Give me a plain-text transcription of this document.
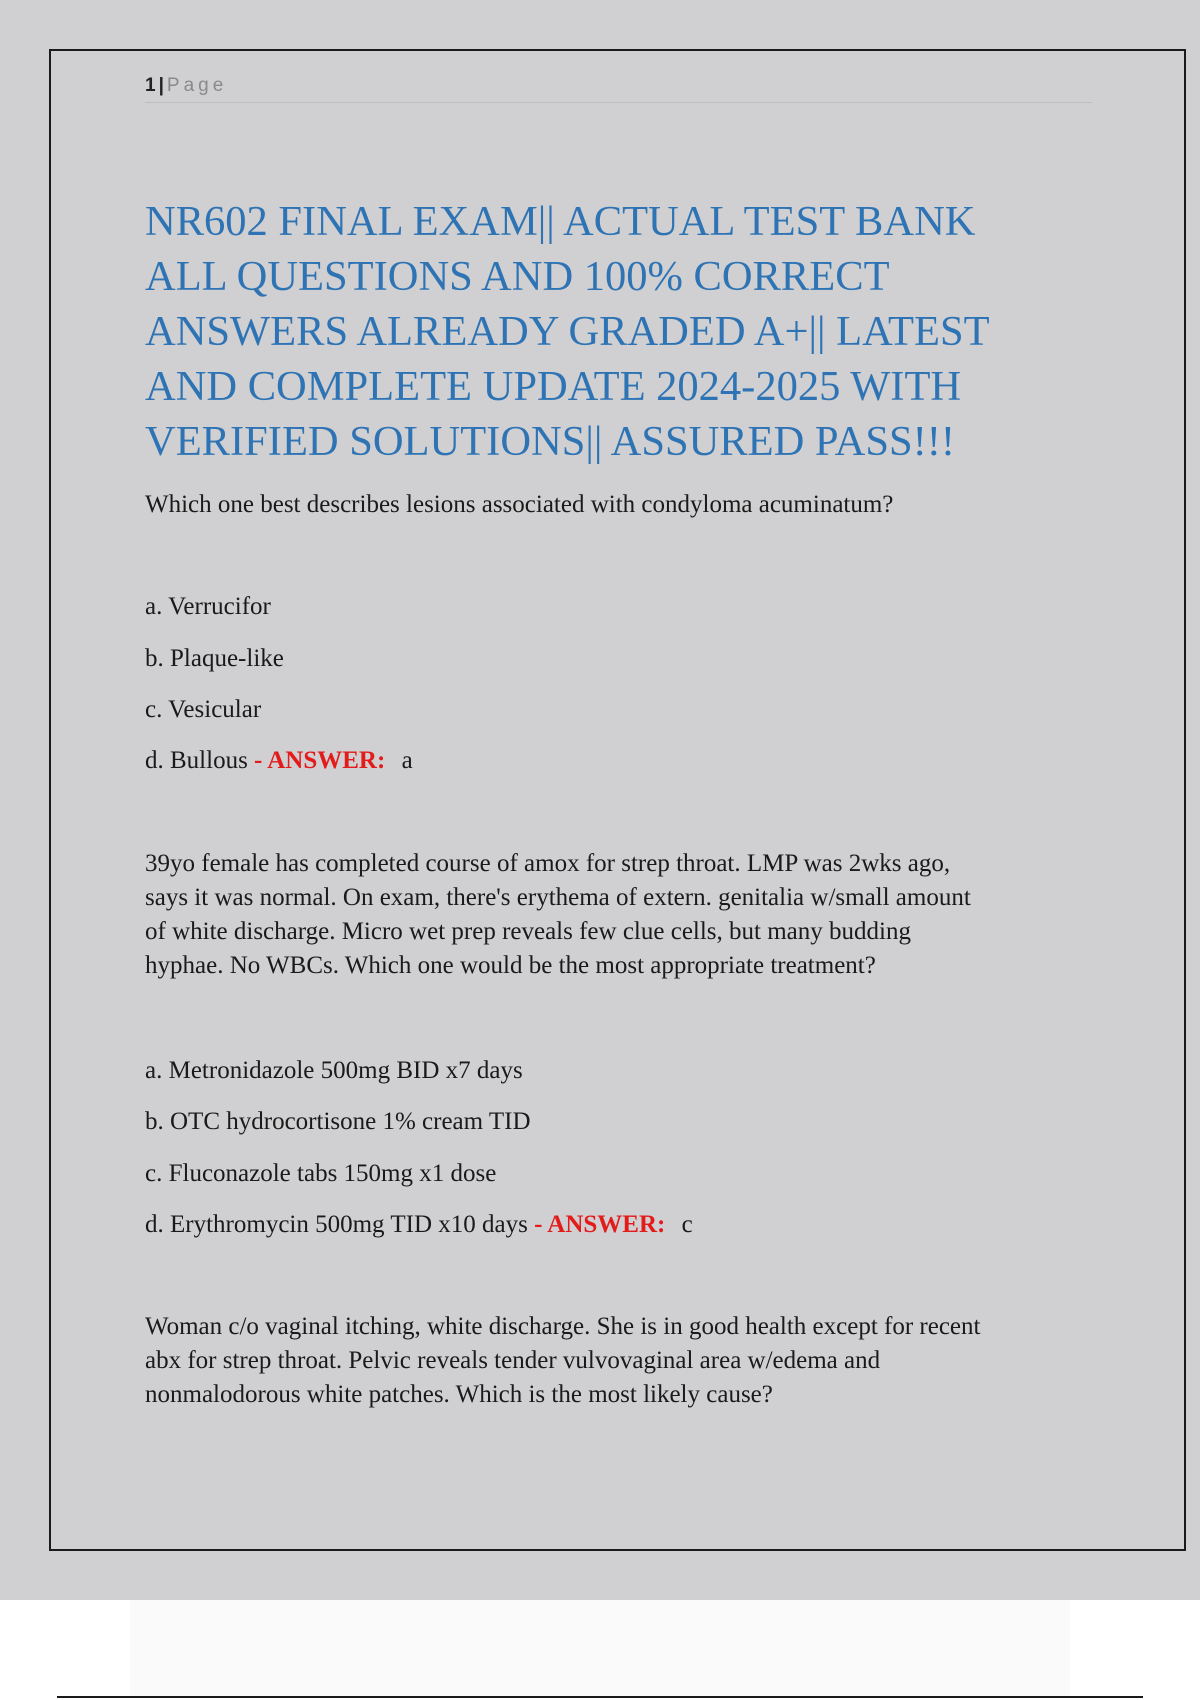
1 | Page
NR602 FINAL EXAM|| ACTUAL TEST BANK
ALL QUESTIONS AND 100% CORRECT
ANSWERS ALREADY GRADED A+|| LATEST
AND COMPLETE UPDATE 2024-2025 WITH
VERIFIED SOLUTIONS|| ASSURED PASS!!!
Which one best describes lesions associated with condyloma acuminatum?
a. Verrucifor
b. Plaque-like
c. Vesicular
d. Bullous - ANSWER: a
39yo female has completed course of amox for strep throat. LMP was 2wks ago,
says it was normal. On exam, there's erythema of extern. genitalia w/small amount
of white discharge. Micro wet prep reveals few clue cells, but many budding
hyphae. No WBCs. Which one would be the most appropriate treatment?
a. Metronidazole 500mg BID x7 days
b. OTC hydrocortisone 1% cream TID
c. Fluconazole tabs 150mg x1 dose
d. Erythromycin 500mg TID x10 days - ANSWER: c
Woman c/o vaginal itching, white discharge. She is in good health except for recent
abx for strep throat. Pelvic reveals tender vulvovaginal area w/edema and
nonmalodorous white patches. Which is the most likely cause?
